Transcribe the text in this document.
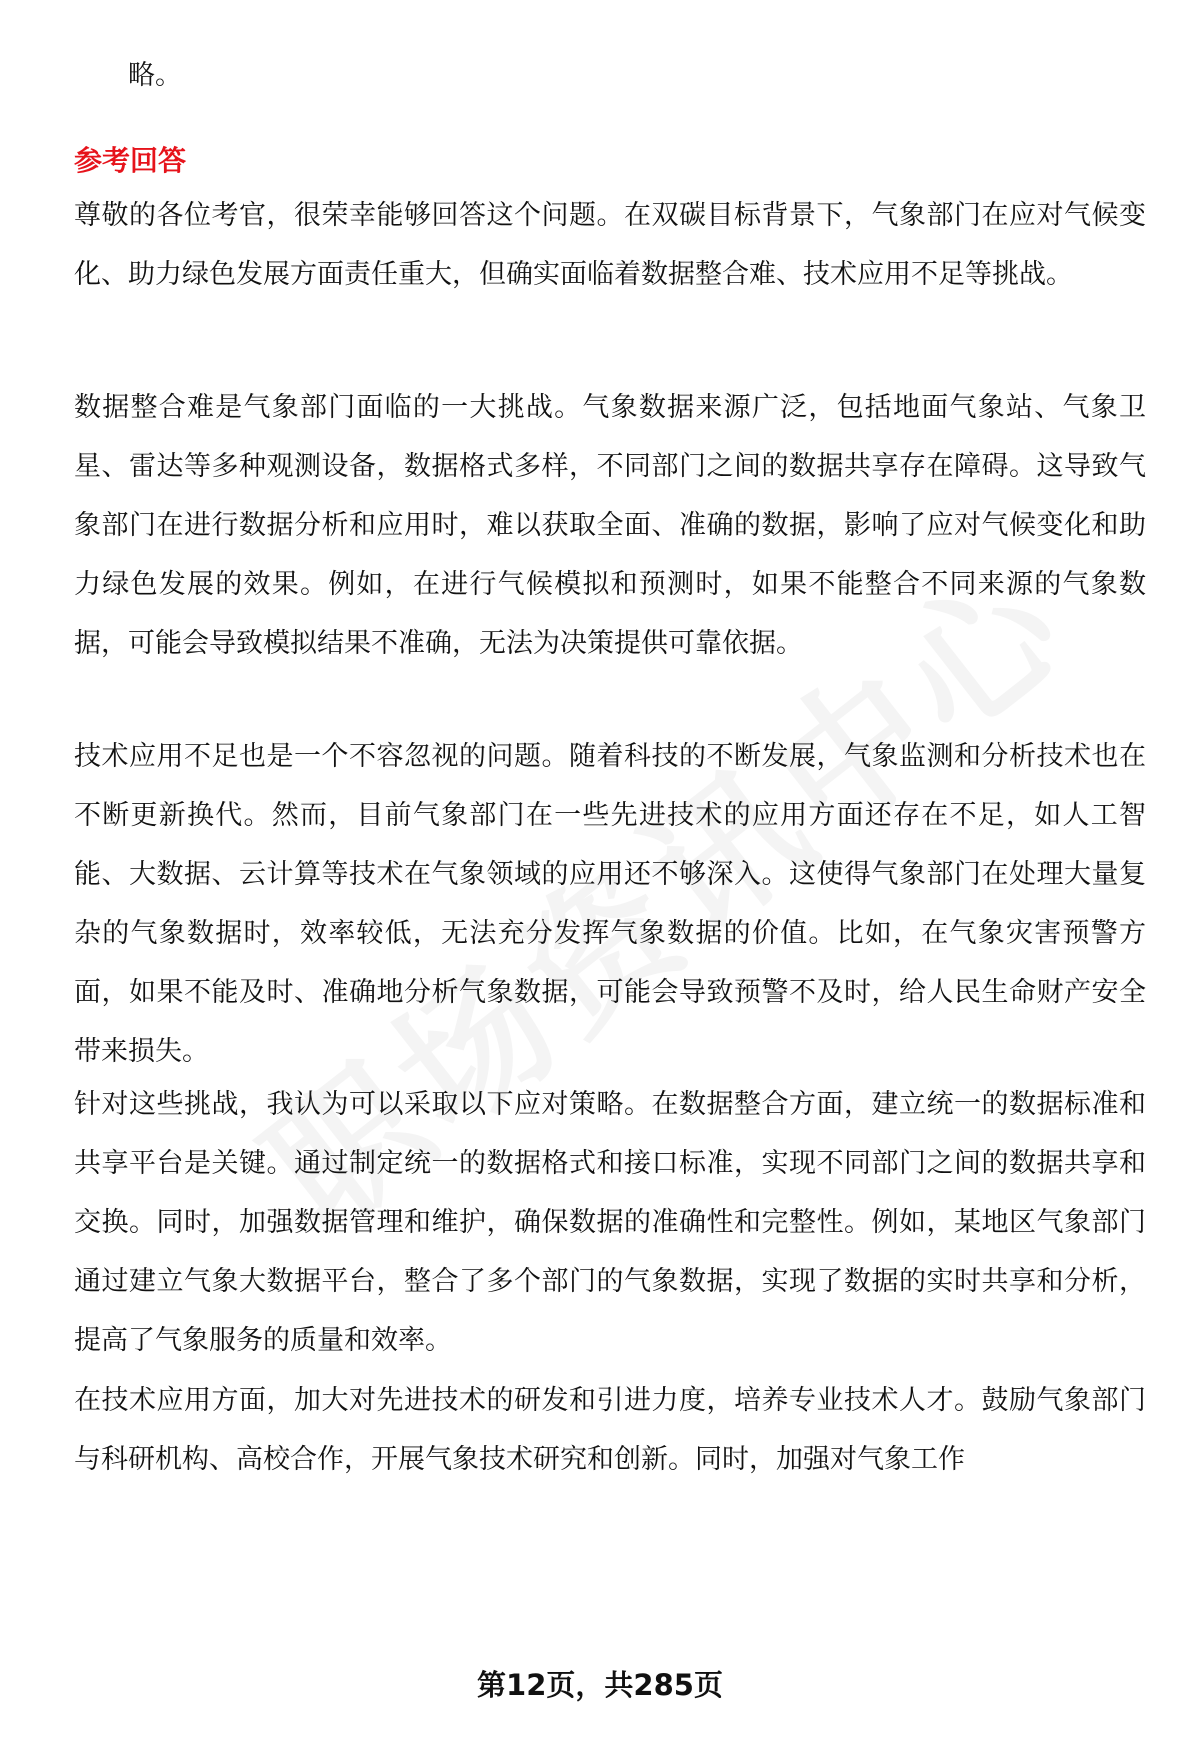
略。
参考回答

尊敬的各位考官，很荣幸能够回答这个问题。在双碳目标背景下，气象部门在应对气候变化、助力绿色发展方面责任重大，但确实面临着数据整合难、技术应用不足等挑战。

数据整合难是气象部门面临的一大挑战。气象数据来源广泛，包括地面气象站、气象卫星、雷达等多种观测设备，数据格式多样，不同部门之间的数据共享存在障碍。这导致气象部门在进行数据分析和应用时，难以获取全面、准确的数据，影响了应对气候变化和助力绿色发展的效果。例如，在进行气候模拟和预测时，如果不能整合不同来源的气象数据，可能会导致模拟结果不准确，无法为决策提供可靠依据。

技术应用不足也是一个不容忽视的问题。随着科技的不断发展，气象监测和分析技术也在不断更新换代。然而，目前气象部门在一些先进技术的应用方面还存在不足，如人工智能、大数据、云计算等技术在气象领域的应用还不够深入。这使得气象部门在处理大量复杂的气象数据时，效率较低，无法充分发挥气象数据的价值。比如，在气象灾害预警方面，如果不能及时、准确地分析气象数据，可能会导致预警不及时，给人民生命财产安全带来损失。

针对这些挑战，我认为可以采取以下应对策略。在数据整合方面，建立统一的数据标准和共享平台是关键。通过制定统一的数据格式和接口标准，实现不同部门之间的数据共享和交换。同时，加强数据管理和维护，确保数据的准确性和完整性。例如，某地区气象部门通过建立气象大数据平台，整合了多个部门的气象数据，实现了数据的实时共享和分析，提高了气象服务的质量和效率。

在技术应用方面，加大对先进技术的研发和引进力度，培养专业技术人才。鼓励气象部门与科研机构、高校合作，开展气象技术研究和创新。同时，加强对气象工作

第12页，共285页
